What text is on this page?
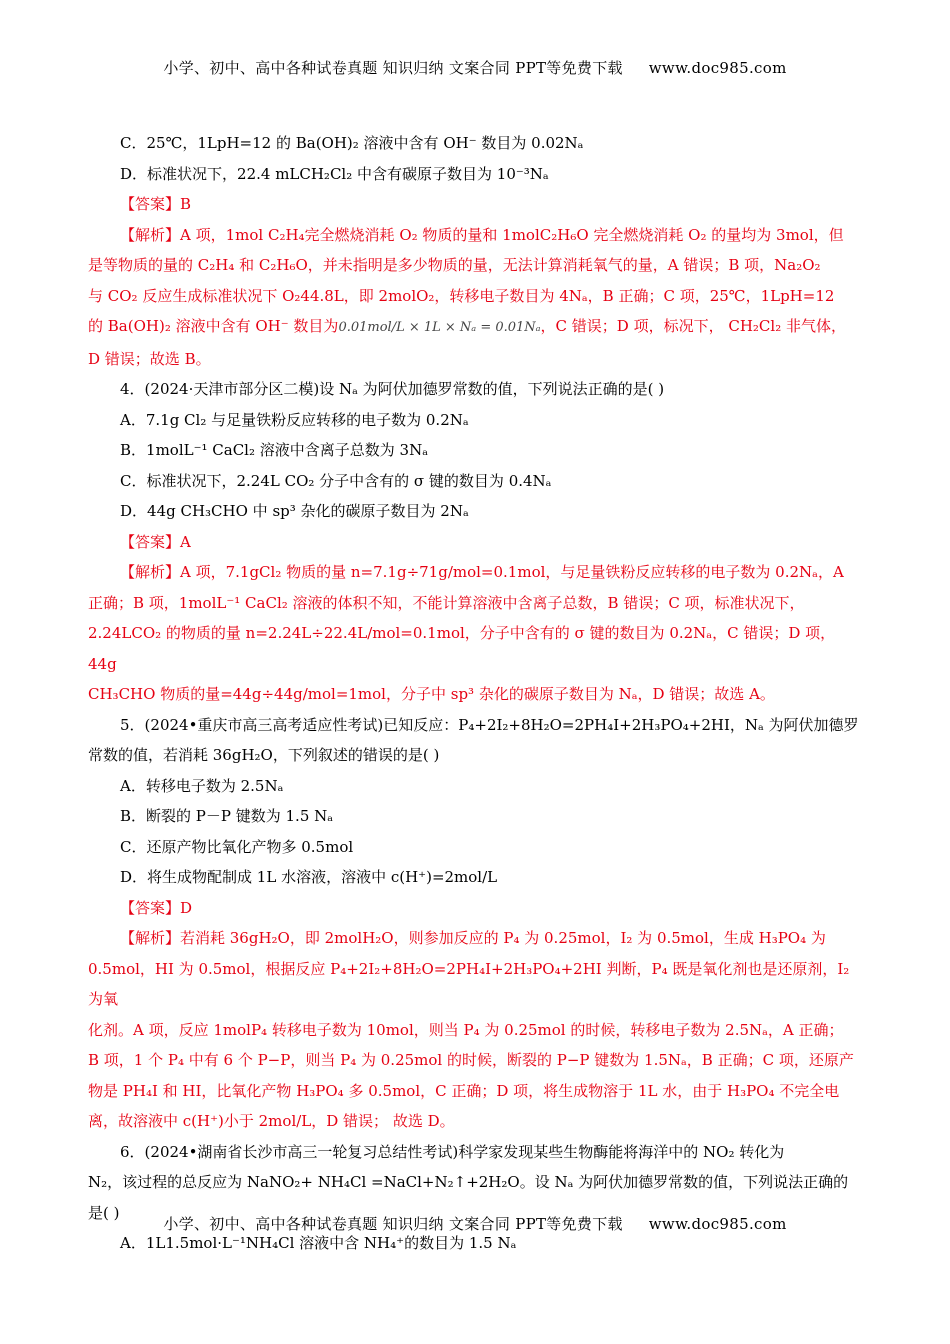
小学、初中、高中各种试卷真题 知识归纳 文案合同 PPT等免费下载 www.doc985.com

C．25℃，1LpH=12 的 Ba(OH)₂ 溶液中含有 OH⁻ 数目为 0.02Nₐ

D．标准状况下，22.4 mLCH₂Cl₂ 中含有碳原子数目为 10⁻³Nₐ

【答案】B

【解析】A 项，1mol C₂H₄完全燃烧消耗 O₂ 物质的量和 1molC₂H₆O 完全燃烧消耗 O₂ 的量均为 3mol，但

是等物质的量的 C₂H₄ 和 C₂H₆O，并未指明是多少物质的量，无法计算消耗氧气的量，A 错误；B 项，Na₂O₂

与 CO₂ 反应生成标准状况下 O₂44.8L，即 2molO₂，转移电子数目为 4Nₐ，B 正确；C 项，25℃，1LpH=12

的 Ba(OH)₂ 溶液中含有 OH⁻ 数目为0.01mol/L × 1L × Nₐ = 0.01Nₐ，C 错误；D 项，标况下， CH₂Cl₂ 非气体，

D 错误；故选 B。

4．(2024·天津市部分区二模)设 Nₐ 为阿伏加德罗常数的值，下列说法正确的是( )

A．7.1g Cl₂ 与足量铁粉反应转移的电子数为 0.2Nₐ

B．1molL⁻¹ CaCl₂ 溶液中含离子总数为 3Nₐ

C．标准状况下，2.24L CO₂ 分子中含有的 σ 键的数目为 0.4Nₐ

D．44g CH₃CHO 中 sp³ 杂化的碳原子数目为 2Nₐ

【答案】A

【解析】A 项，7.1gCl₂ 物质的量 n=7.1g÷71g/mol=0.1mol，与足量铁粉反应转移的电子数为 0.2Nₐ，A

正确；B 项，1molL⁻¹ CaCl₂ 溶液的体积不知，不能计算溶液中含离子总数，B 错误；C 项，标准状况下，

2.24LCO₂ 的物质的量 n=2.24L÷22.4L/mol=0.1mol，分子中含有的 σ 键的数目为 0.2Nₐ，C 错误；D 项，44g

CH₃CHO 物质的量=44g÷44g/mol=1mol，分子中 sp³ 杂化的碳原子数目为 Nₐ，D 错误；故选 A。

5．(2024•重庆市高三高考适应性考试)已知反应：P₄+2I₂+8H₂O=2PH₄I+2H₃PO₄+2HI，Nₐ 为阿伏加德罗

常数的值，若消耗 36gH₂O，下列叙述的错误的是( )

A．转移电子数为 2.5Nₐ

B．断裂的 P－P 键数为 1.5 Nₐ

C．还原产物比氧化产物多 0.5mol

D．将生成物配制成 1L 水溶液，溶液中 c(H⁺)=2mol/L

【答案】D

【解析】若消耗 36gH₂O，即 2molH₂O，则参加反应的 P₄ 为 0.25mol，I₂ 为 0.5mol，生成 H₃PO₄ 为

0.5mol，HI 为 0.5mol，根据反应 P₄+2I₂+8H₂O=2PH₄I+2H₃PO₄+2HI 判断，P₄ 既是氧化剂也是还原剂，I₂ 为氧

化剂。A 项，反应 1molP₄ 转移电子数为 10mol，则当 P₄ 为 0.25mol 的时候，转移电子数为 2.5Nₐ，A 正确；

B 项，1 个 P₄ 中有 6 个 P−P，则当 P₄ 为 0.25mol 的时候，断裂的 P−P 键数为 1.5Nₐ，B 正确；C 项，还原产

物是 PH₄I 和 HI，比氧化产物 H₃PO₄ 多 0.5mol，C 正确；D 项，将生成物溶于 1L 水，由于 H₃PO₄ 不完全电

离，故溶液中 c(H⁺)小于 2mol/L，D 错误； 故选 D。

6．(2024•湖南省长沙市高三一轮复习总结性考试)科学家发现某些生物酶能将海洋中的 NO₂ 转化为

N₂，该过程的总反应为 NaNO₂+ NH₄Cl =NaCl+N₂↑+2H₂O。设 Nₐ 为阿伏加德罗常数的值，下列说法正确的

是( )

A．1L1.5mol·L⁻¹NH₄Cl 溶液中含 NH₄⁺的数目为 1.5 Nₐ

小学、初中、高中各种试卷真题 知识归纳 文案合同 PPT等免费下载 www.doc985.com
